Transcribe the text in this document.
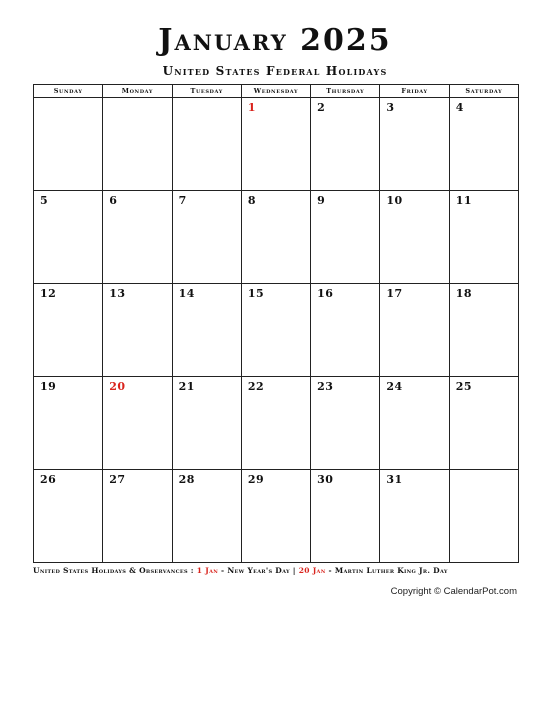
January 2025
United States Federal Holidays
Sunday	Monday	Tuesday	Wednesday	Thursday	Friday	Saturday

			1	2	3	4

5	6	7	8	9	10	11

12	13	14	15	16	17	18

19	20	21	22	23	24	25

26	27	28	29	30	31	

United States Holidays & Observances : 1 Jan - New Year's Day | 20 Jan - Martin Luther King Jr. Day
Copyright © CalendarPot.com
